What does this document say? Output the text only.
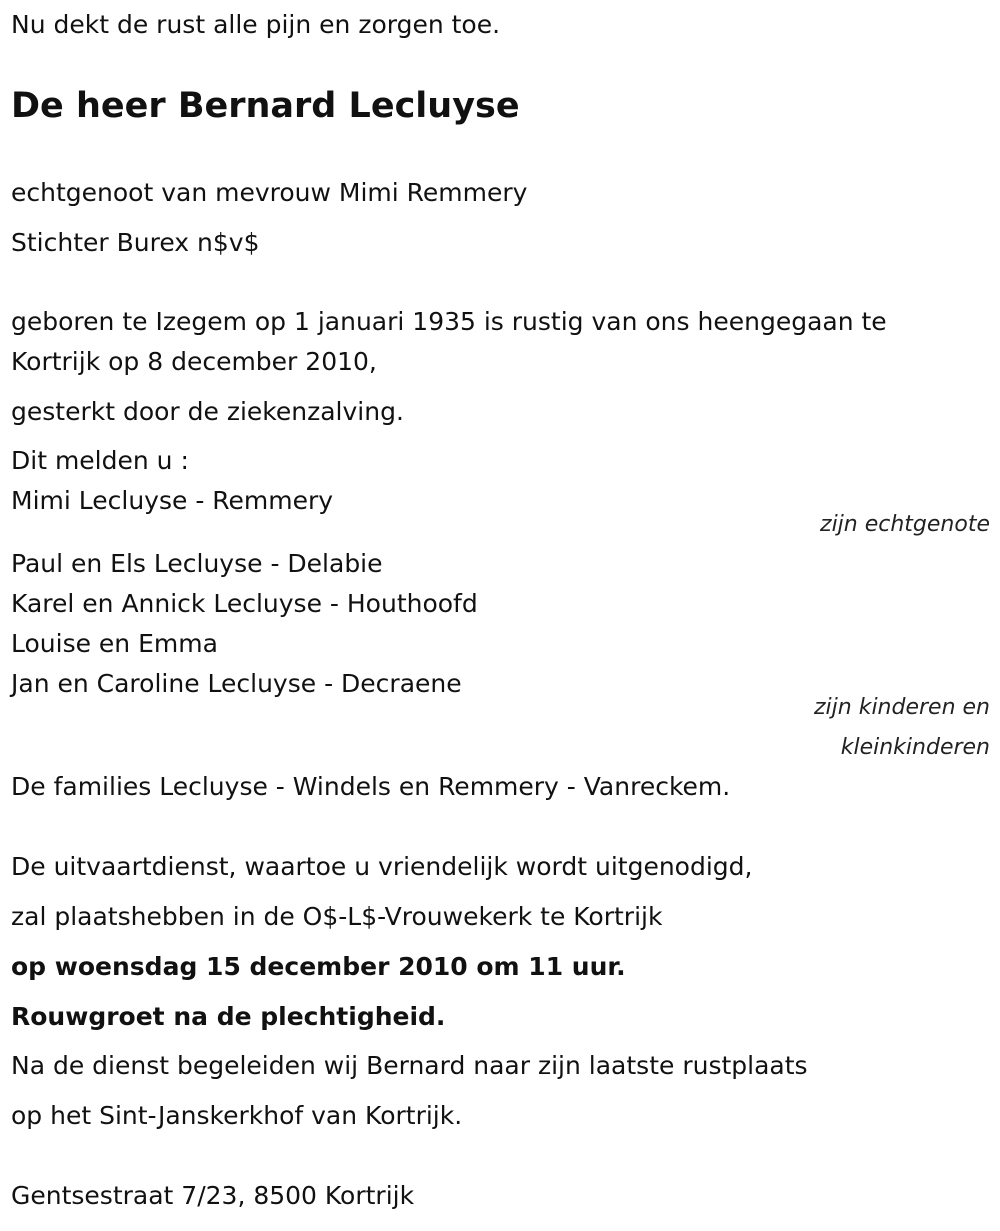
Nu dekt de rust alle pijn en zorgen toe.

De heer Bernard Lecluyse

echtgenoot van mevrouw Mimi Remmery

Stichter Burex n$v$

geboren te Izegem op 1 januari 1935 is rustig van ons heengegaan te

Kortrijk op 8 december 2010,

gesterkt door de ziekenzalving.

Dit melden u :

Mimi Lecluyse - Remmery

zijn echtgenote

Paul en Els Lecluyse - Delabie

Karel en Annick Lecluyse - Houthoofd

Louise en Emma

Jan en Caroline Lecluyse - Decraene

zijn kinderen en

kleinkinderen

De families Lecluyse - Windels en Remmery - Vanreckem.

De uitvaartdienst, waartoe u vriendelijk wordt uitgenodigd,

zal plaatshebben in de O$-L$-Vrouwekerk te Kortrijk

op woensdag 15 december 2010 om 11 uur.

Rouwgroet na de plechtigheid.

Na de dienst begeleiden wij Bernard naar zijn laatste rustplaats

op het Sint-Janskerkhof van Kortrijk.

Gentsestraat 7/23, 8500 Kortrijk
